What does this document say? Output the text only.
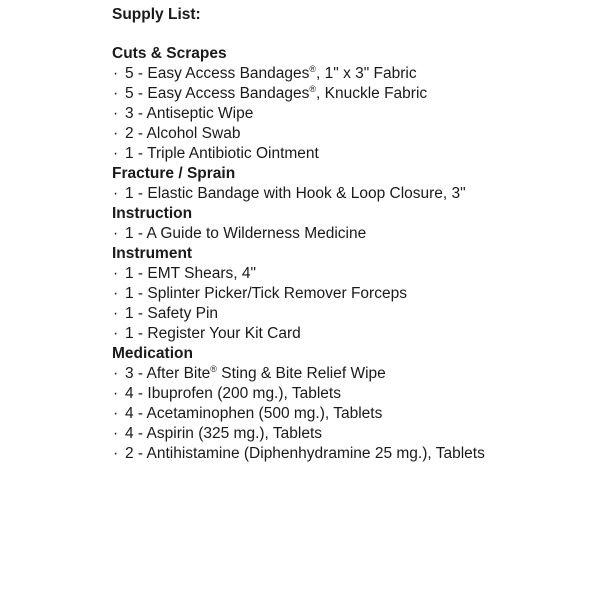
Supply List:
Cuts & Scrapes
· 5 - Easy Access Bandages®, 1" x 3" Fabric
· 5 - Easy Access Bandages®, Knuckle Fabric
· 3 - Antiseptic Wipe
· 2 - Alcohol Swab
· 1 - Triple Antibiotic Ointment
Fracture / Sprain
· 1 - Elastic Bandage with Hook & Loop Closure, 3"
Instruction
· 1 - A Guide to Wilderness Medicine
Instrument
· 1 - EMT Shears, 4"
· 1 - Splinter Picker/Tick Remover Forceps
· 1 - Safety Pin
· 1 - Register Your Kit Card
Medication
· 3 - After Bite® Sting & Bite Relief Wipe
· 4 - Ibuprofen (200 mg.), Tablets
· 4 - Acetaminophen (500 mg.), Tablets
· 4 - Aspirin (325 mg.), Tablets
· 2 - Antihistamine (Diphenhydramine 25 mg.), Tablets
